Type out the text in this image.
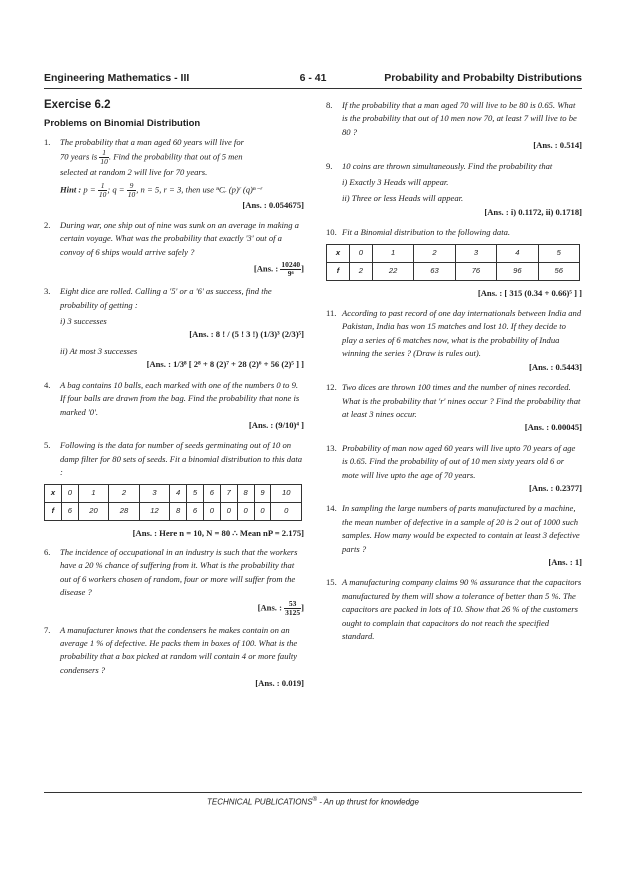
Engineering Mathematics - III	6 - 41	Probability and Probabilty Distributions
Exercise 6.2
Problems on Binomial Distribution
1. The probability that a man aged 60 years will live for
70 years is $\frac{1}{10}$ . Find the probability that out of 5 men
selected at random 2 will live for 70 years.
Hint : $p = \frac{1}{10}$ ; $q = \frac{9}{10}$ , n = 5, r = 3, then use ⁿCᵣ (p)ʳ (q)ⁿ⁻ʳ
[Ans. : 0.054675]
2. During war, one ship out of nine was sunk on an average in making a certain voyage. What was the probability that exactly '3' out of a convoy of 6 ships would arrive safely ?
[Ans. : $\frac{10240}{\text{9⁶}}$ ]
3. Eight dice are rolled. Calling a '5' or a '6' as success, find the probability of getting :
i) 3 successes
[Ans. : 8 ! / (5 ! 3 !) (1/3)³ (2/3)⁵]
ii) At most 3 successes
[Ans. : 1/3⁸ [ 2⁸ + 8 (2)⁷ + 28 (2)⁶ + 56 (2)⁵ ] ]
4. A bag contains 10 balls, each marked with one of the numbers 0 to 9. If four balls are drawn from the bag. Find the probability that none is marked '0'.
[Ans. : (9/10)⁴ ]
5. Following is the data for number of seeds germinating out of 10 on damp filter for 80 sets of seeds. Fit a binomial distribution to this data :
x	0	1	2	3	4	5	6	7	8	9	10
f	6	20	28	12	8	6	0	0	0	0	0
[Ans. : Here n = 10, N = 80 ∴ Mean nP = 2.175]
6. The incidence of occupational in an industry is such that the workers have a 20 % chance of suffering from it. What is the probability that out of 6 workers chosen of random, four or more will suffer from the disease ?
[Ans. : $\frac{53}{3125}$ ]
7. A manufacturer knows that the condensers he makes contain on an average 1 % of defective. He packs them in boxes of 100. What is the probability that a box picked at random will contain 4 or more faulty condensers ?
[Ans. : 0.019]
8. If the probability that a man aged 70 will live to be 80 is 0.65. What is the probability that out of 10 men now 70, at least 7 will live to be 80 ?
[Ans. : 0.514]
9. 10 coins are thrown simultaneously. Find the probability that
i) Exactly 3 Heads will appear.
ii) Three or less Heads will appear.
[Ans. : i) 0.1172, ii) 0.1718]
10. Fit a Binomial distribution to the following data.
x	0	1	2	3	4	5
f	2	22	63	76	96	56
[Ans. : [ 315 (0.34 + 0.66)⁵ ] ]
11. According to past record of one day internationals between India and Pakistan, India has won 15 matches and lost 10. If they decide to play a series of 6 matches now, what is the probability of Indua winning the series ? (Draw is rules out).
[Ans. : 0.5443]
12. Two dices are thrown 100 times and the number of nines recorded. What is the probability that 'r' nines occur ? Find the probability that at least 3 nines occur.
[Ans. : 0.00045]
13. Probability of man now aged 60 years will live upto 70 years of age is 0.65. Find the probability of out of 10 men sixty years old 6 or mote will live upto the age of 70 years.
[Ans. : 0.2377]
14. In sampling the large numbers of parts manufactured by a machine, the mean number of defective in a sample of 20 is 2 out of 1000 such samples. How many would be expected to contain at least 3 defective parts ?
[Ans. : 1]
15. A manufacturing company claims 90 % assurance that the capacitors manufactured by them will show a tolerance of better than 5 %. The capacitors are packed in lots of 10. Show that 26 % of the customers ought to complain that capacitors do not reach the specified standard.
TECHNICAL PUBLICATIONS® - An up thrust for knowledge
